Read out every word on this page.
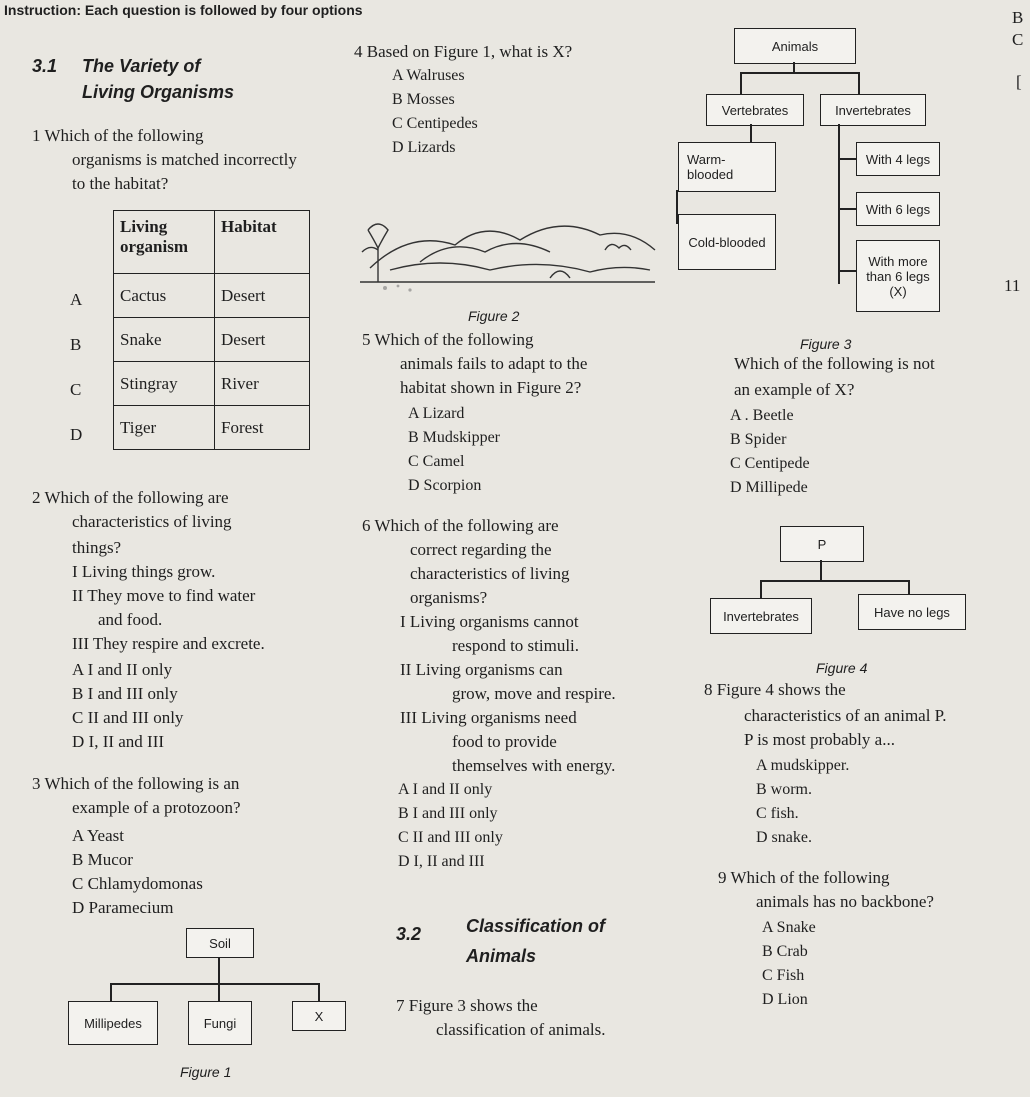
Instruction: Each question is followed by four options	B
C
[
11
3.1 The Variety of
Living Organisms
1 Which of the following
organisms is matched incorrectly
to the habitat?
Living organism	Habitat
Cactus	Desert
Snake	Desert
Stingray	River
Tiger	Forest
A
B
C
D
2 Which of the following are
characteristics of living
things?
I Living things grow.
II They move to find water
and food.
III They respire and excrete.
A I and II only
B I and III only
C II and III only
D I, II and III
3 Which of the following is an
example of a protozoon?
A Yeast
B Mucor
C Chlamydomonas
D Paramecium
Soil
Millipedes	Fungi	X
Figure 1
4 Based on Figure 1, what is X?
A Walruses
B Mosses
C Centipedes
D Lizards
Figure 2
5 Which of the following
animals fails to adapt to the
habitat shown in Figure 2?
A Lizard
B Mudskipper
C Camel
D Scorpion
6 Which of the following are
correct regarding the
characteristics of living
organisms?
I Living organisms cannot
respond to stimuli.
II Living organisms can
grow, move and respire.
III Living organisms need
food to provide
themselves with energy.
A I and II only
B I and III only
C II and III only
D I, II and III
3.2 Classification of
Animals
7 Figure 3 shows the
classification of animals.
Animals
Vertebrates	Invertebrates
Warm-
blooded
Cold-blooded
With 4 legs
With 6 legs
With more
than 6 legs
(X)
Figure 3
Which of the following is not
an example of X?
A . Beetle
B Spider
C Centipede
D Millipede
P
Invertebrates	Have no legs
Figure 4
8 Figure 4 shows the
characteristics of an animal P.
P is most probably a...
A mudskipper.
B worm.
C fish.
D snake.
9 Which of the following
animals has no backbone?
A Snake
B Crab
C Fish
D Lion
